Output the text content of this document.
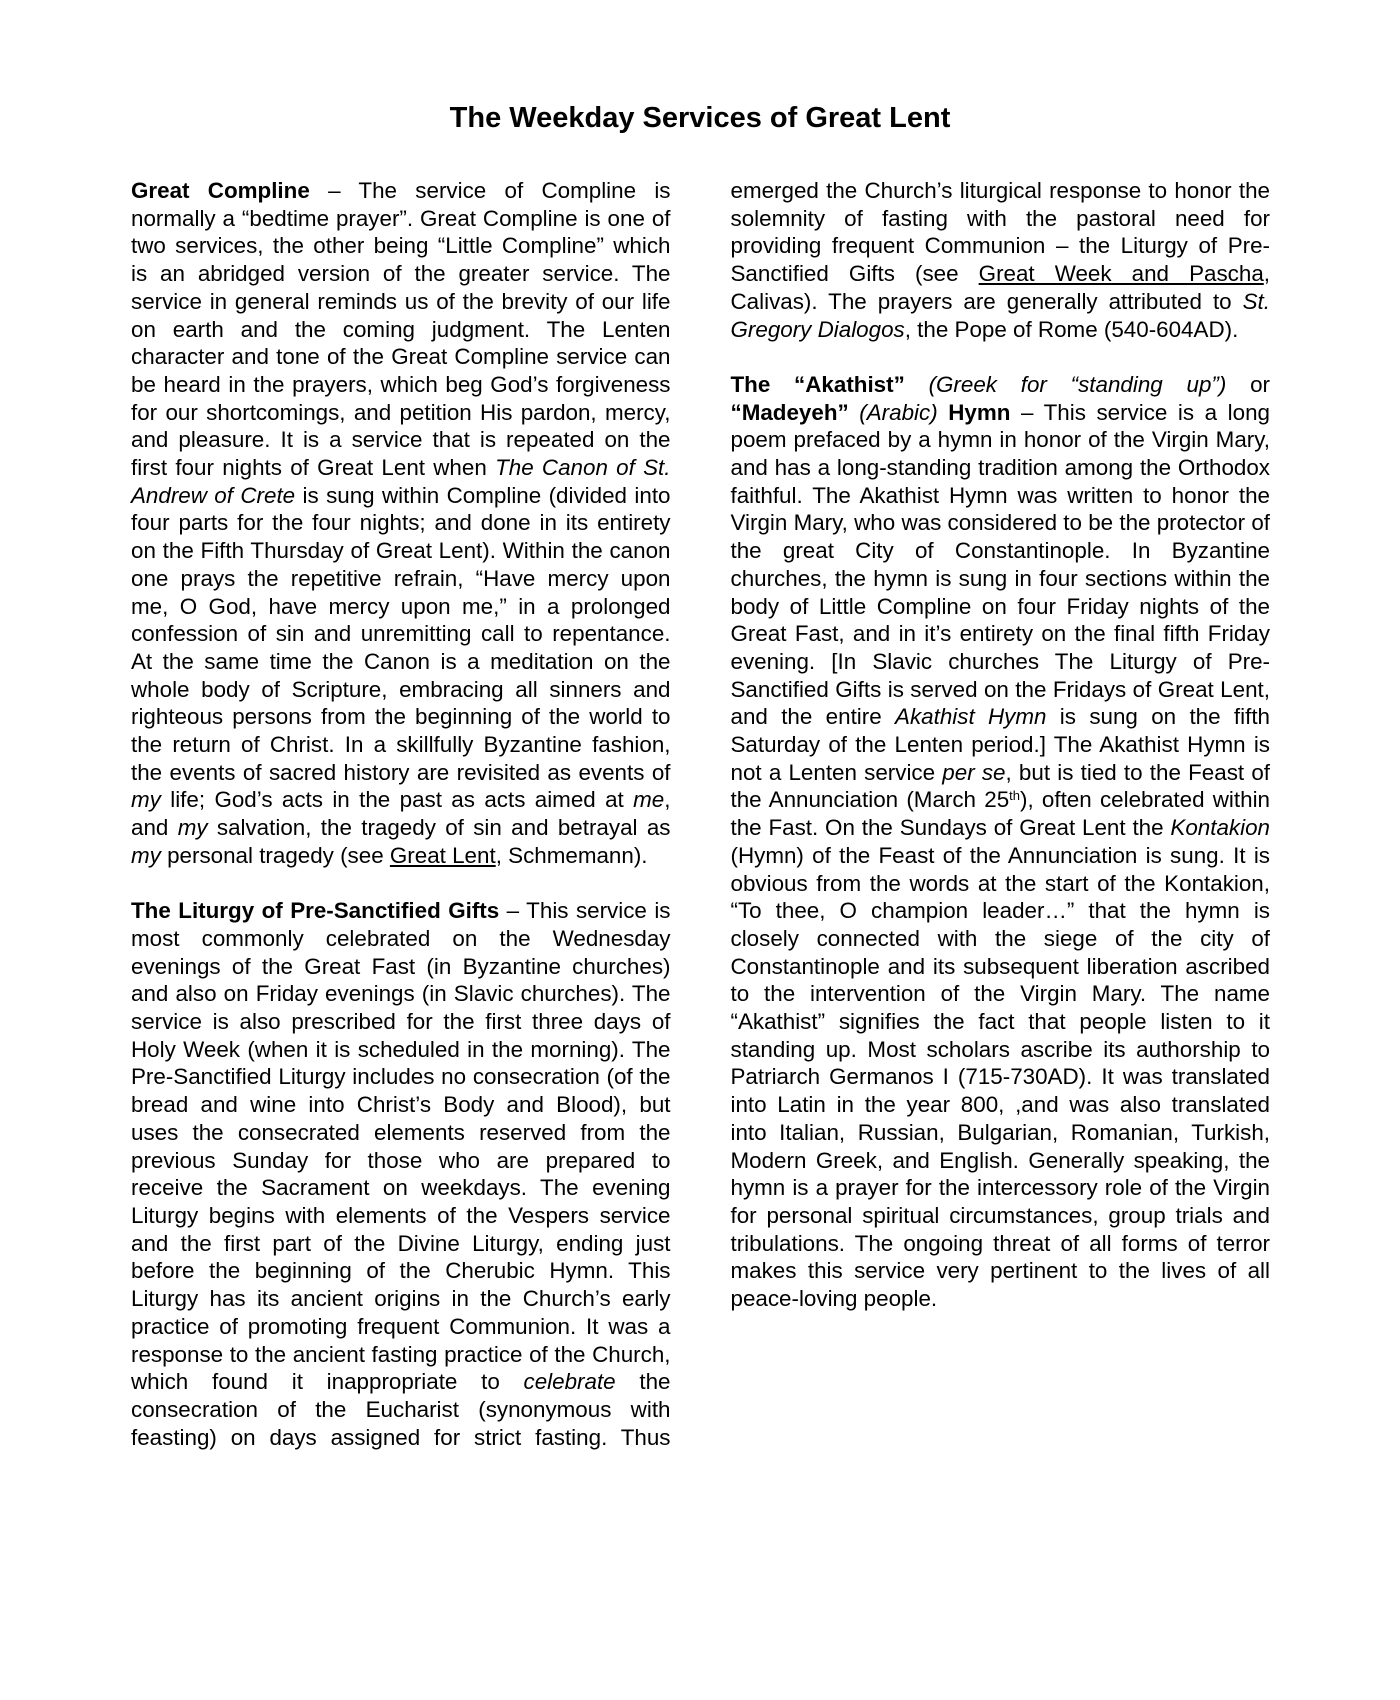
The Weekday Services of Great Lent

Great Compline – The service of Compline is normally a “bedtime prayer”. Great Compline is one of two services, the other being “Little Compline” which is an abridged version of the greater service. The service in general reminds us of the brevity of our life on earth and the coming judgment. The Lenten character and tone of the Great Compline service can be heard in the prayers, which beg God’s forgiveness for our shortcomings, and petition His pardon, mercy, and pleasure. It is a service that is repeated on the first four nights of Great Lent when The Canon of St. Andrew of Crete is sung within Compline (divided into four parts for the four nights; and done in its entirety on the Fifth Thursday of Great Lent). Within the canon one prays the repetitive refrain, “Have mercy upon me, O God, have mercy upon me,” in a prolonged confession of sin and unremitting call to repentance. At the same time the Canon is a meditation on the whole body of Scripture, embracing all sinners and righteous persons from the beginning of the world to the return of Christ. In a skillfully Byzantine fashion, the events of sacred history are revisited as events of my life; God’s acts in the past as acts aimed at me, and my salvation, the tragedy of sin and betrayal as my personal tragedy (see Great Lent, Schmemann).

The Liturgy of Pre-Sanctified Gifts – This service is most commonly celebrated on the Wednesday evenings of the Great Fast (in Byzantine churches) and also on Friday evenings (in Slavic churches). The service is also prescribed for the first three days of Holy Week (when it is scheduled in the morning). The Pre-Sanctified Liturgy includes no consecration (of the bread and wine into Christ’s Body and Blood), but uses the consecrated elements reserved from the previous Sunday for those who are prepared to receive the Sacrament on weekdays. The evening Liturgy begins with elements of the Vespers service and the first part of the Divine Liturgy, ending just before the beginning of the Cherubic Hymn. This Liturgy has its ancient origins in the Church’s early practice of promoting frequent Communion. It was a response to the ancient fasting practice of the Church, which found it inappropriate to celebrate the consecration of the Eucharist (synonymous with feasting) on days assigned for strict fasting. Thus emerged the Church’s liturgical response to honor the solemnity of fasting with the pastoral need for providing frequent Communion – the Liturgy of Pre-Sanctified Gifts (see Great Week and Pascha, Calivas). The prayers are generally attributed to St. Gregory Dialogos, the Pope of Rome (540-604AD).

The “Akathist” (Greek for “standing up”) or “Madeyeh” (Arabic) Hymn – This service is a long poem prefaced by a hymn in honor of the Virgin Mary, and has a long-standing tradition among the Orthodox faithful. The Akathist Hymn was written to honor the Virgin Mary, who was considered to be the protector of the great City of Constantinople. In Byzantine churches, the hymn is sung in four sections within the body of Little Compline on four Friday nights of the Great Fast, and in it’s entirety on the final fifth Friday evening. [In Slavic churches The Liturgy of Pre-Sanctified Gifts is served on the Fridays of Great Lent, and the entire Akathist Hymn is sung on the fifth Saturday of the Lenten period.] The Akathist Hymn is not a Lenten service per se, but is tied to the Feast of the Annunciation (March 25th), often celebrated within the Fast. On the Sundays of Great Lent the Kontakion (Hymn) of the Feast of the Annunciation is sung. It is obvious from the words at the start of the Kontakion, “To thee, O champion leader…” that the hymn is closely connected with the siege of the city of Constantinople and its subsequent liberation ascribed to the intervention of the Virgin Mary. The name “Akathist” signifies the fact that people listen to it standing up. Most scholars ascribe its authorship to Patriarch Germanos I (715-730AD). It was translated into Latin in the year 800, ,and was also translated into Italian, Russian, Bulgarian, Romanian, Turkish, Modern Greek, and English. Generally speaking, the hymn is a prayer for the intercessory role of the Virgin for personal spiritual circumstances, group trials and tribulations. The ongoing threat of all forms of terror makes this service very pertinent to the lives of all peace-loving people.
